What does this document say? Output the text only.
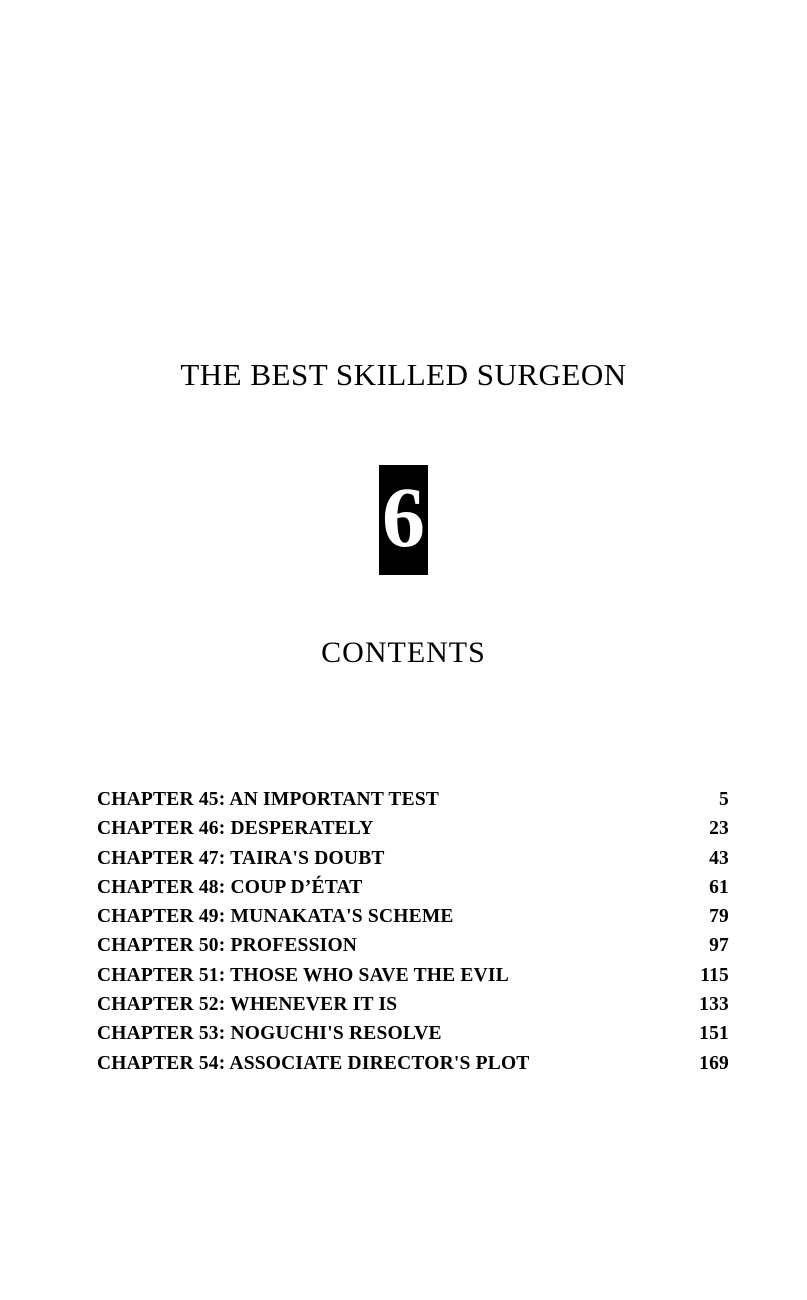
THE BEST SKILLED SURGEON
6
CONTENTS
CHAPTER 45: AN IMPORTANT TEST	5
CHAPTER 46: DESPERATELY	23
CHAPTER 47: TAIRA'S DOUBT	43
CHAPTER 48: COUP D’ÉTAT	61
CHAPTER 49: MUNAKATA'S SCHEME	79
CHAPTER 50: PROFESSION	97
CHAPTER 51: THOSE WHO SAVE THE EVIL	115
CHAPTER 52: WHENEVER IT IS	133
CHAPTER 53: NOGUCHI'S RESOLVE	151
CHAPTER 54: ASSOCIATE DIRECTOR'S PLOT	169
